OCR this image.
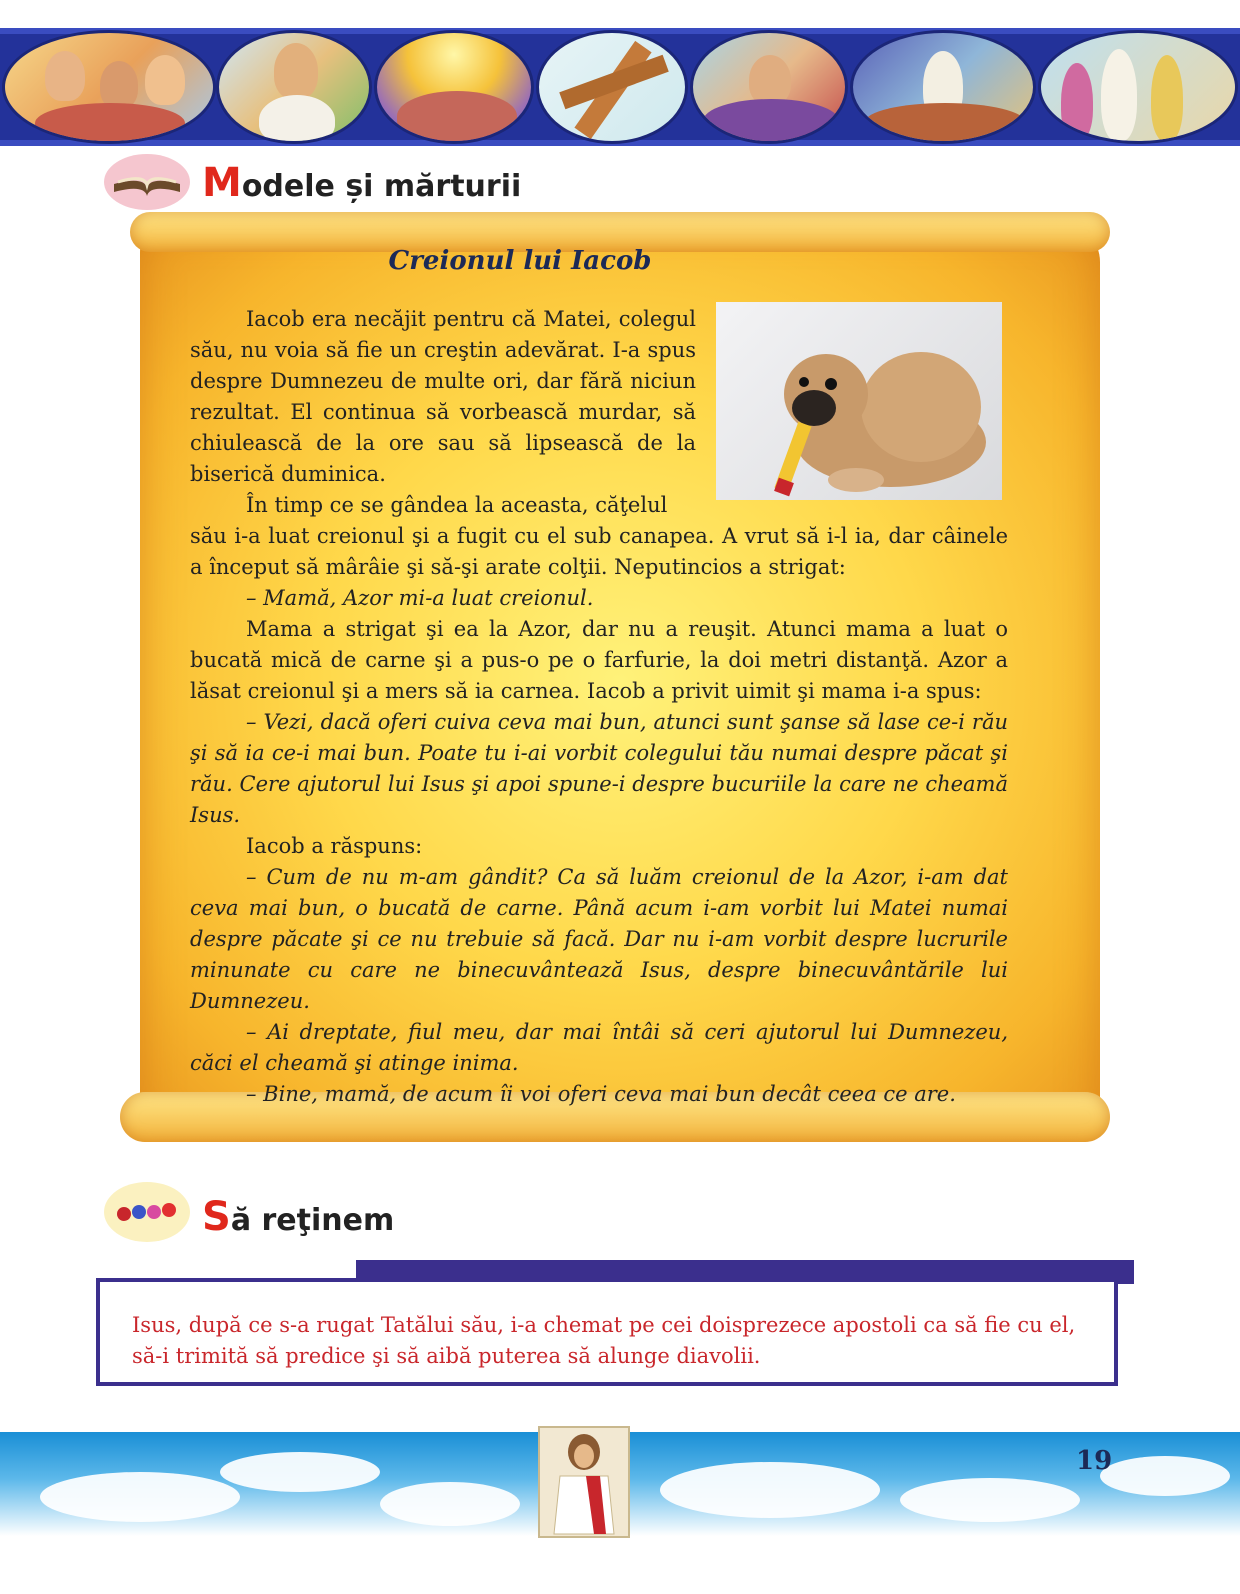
Modele și mărturii
Creionul lui Iacob

Iacob era necăjit pentru că Matei, colegul său, nu voia să fie un creştin adevărat. I-a spus despre Dumnezeu de multe ori, dar fără niciun rezultat. El continua să vorbească murdar, să chiulească de la ore sau să lipsească de la biserică duminica.

În timp ce se gândea la aceasta, căţelul

său i-a luat creionul şi a fugit cu el sub canapea. A vrut să i-l ia, dar câinele a început să mârâie şi să-şi arate colţii. Neputincios a strigat:

– Mamă, Azor mi-a luat creionul.

Mama a strigat şi ea la Azor, dar nu a reuşit. Atunci mama a luat o bucată mică de carne şi a pus-o pe o farfurie, la doi metri distanţă. Azor a lăsat creionul şi a mers să ia carnea. Iacob a privit uimit şi mama i-a spus:

– Vezi, dacă oferi cuiva ceva mai bun, atunci sunt şanse să lase ce-i rău şi să ia ce-i mai bun. Poate tu i-ai vorbit colegului tău numai despre păcat şi rău. Cere ajutorul lui Isus şi apoi spune-i despre bucuriile la care ne cheamă Isus.

Iacob a răspuns:

– Cum de nu m-am gândit? Ca să luăm creionul de la Azor, i-am dat ceva mai bun, o bucată de carne. Până acum i-am vorbit lui Matei numai despre păcate şi ce nu trebuie să facă. Dar nu i-am vorbit despre lucrurile minunate cu care ne binecuvântează Isus, despre binecuvântările lui Dumnezeu.

– Ai dreptate, fiul meu, dar mai întâi să ceri ajutorul lui Dumnezeu, căci el cheamă şi atinge inima.

– Bine, mamă, de acum îi voi oferi ceva mai bun decât ceea ce are.

Să reţinem

Isus, după ce s-a rugat Tatălui său, i-a chemat pe cei doisprezece apostoli ca să fie cu el, să-i trimită să predice şi să aibă puterea să alunge diavolii.

19
